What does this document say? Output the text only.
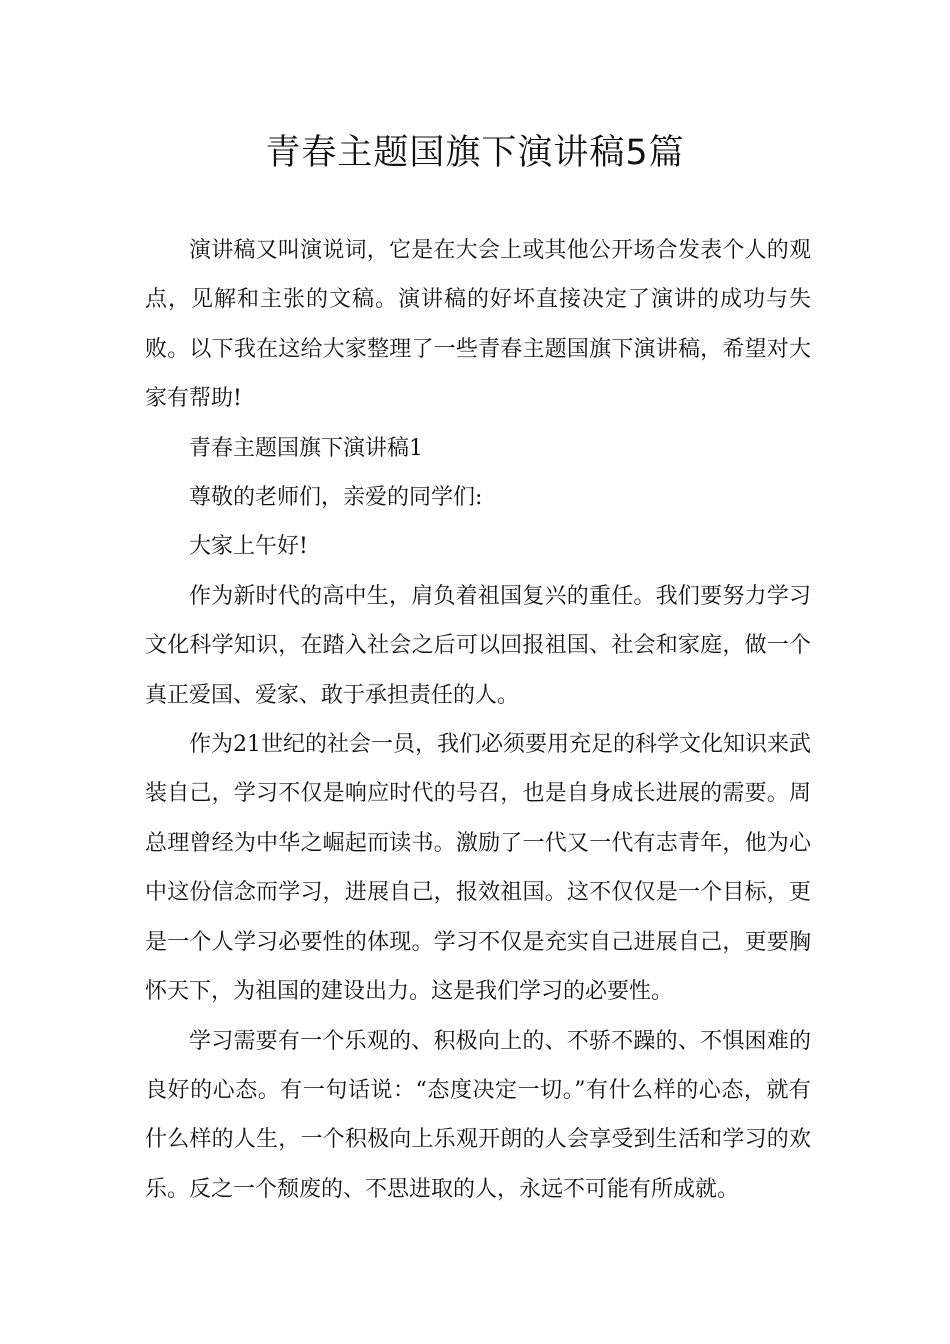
青春主题国旗下演讲稿5篇

演讲稿又叫演说词，它是在大会上或其他公开场合发表个人的观点，见解和主张的文稿。演讲稿的好坏直接决定了演讲的成功与失败。以下我在这给大家整理了一些青春主题国旗下演讲稿，希望对大家有帮助!

青春主题国旗下演讲稿1

尊敬的老师们，亲爱的同学们:

大家上午好!

作为新时代的高中生，肩负着祖国复兴的重任。我们要努力学习文化科学知识，在踏入社会之后可以回报祖国、社会和家庭，做一个真正爱国、爱家、敢于承担责任的人。

作为21世纪的社会一员，我们必须要用充足的科学文化知识来武装自己，学习不仅是响应时代的号召，也是自身成长进展的需要。周总理曾经为中华之崛起而读书。激励了一代又一代有志青年，他为心中这份信念而学习，进展自己，报效祖国。这不仅仅是一个目标，更是一个人学习必要性的体现。学习不仅是充实自己进展自己，更要胸怀天下，为祖国的建设出力。这是我们学习的必要性。

学习需要有一个乐观的、积极向上的、不骄不躁的、不惧困难的良好的心态。有一句话说：“态度决定一切。”有什么样的心态，就有什么样的人生，一个积极向上乐观开朗的人会享受到生活和学习的欢乐。反之一个颓废的、不思进取的人，永远不可能有所成就。
